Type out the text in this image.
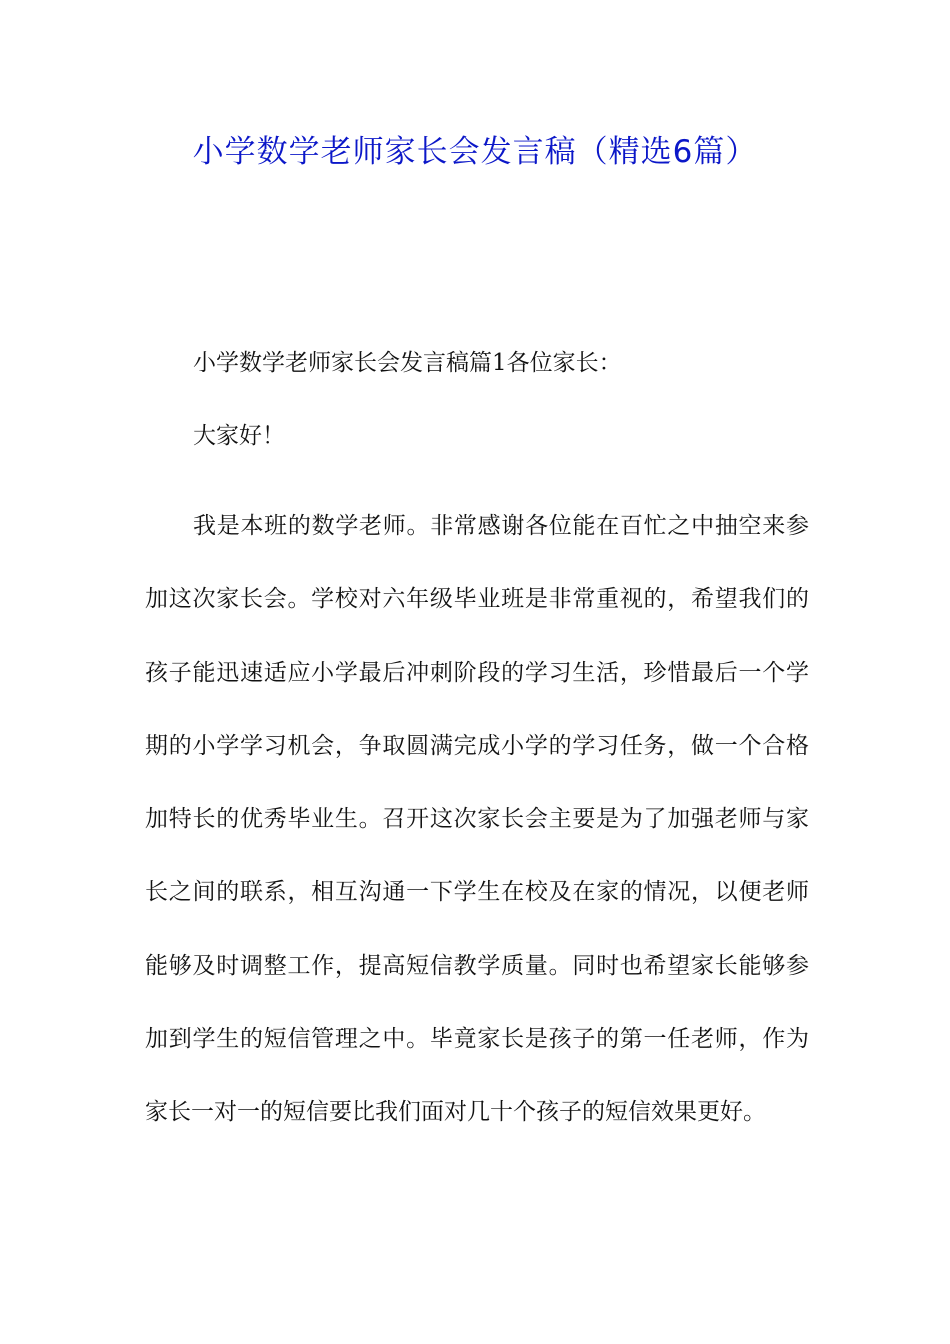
小学数学老师家长会发言稿（精选6篇）

小学数学老师家长会发言稿篇1各位家长：

大家好！

我是本班的数学老师。非常感谢各位能在百忙之中抽空来参加这次家长会。学校对六年级毕业班是非常重视的，希望我们的孩子能迅速适应小学最后冲刺阶段的学习生活，珍惜最后一个学期的小学学习机会，争取圆满完成小学的学习任务，做一个合格加特长的优秀毕业生。召开这次家长会主要是为了加强老师与家长之间的联系，相互沟通一下学生在校及在家的情况，以便老师能够及时调整工作，提高短信教学质量。同时也希望家长能够参加到学生的短信管理之中。毕竟家长是孩子的第一任老师，作为家长一对一的短信要比我们面对几十个孩子的短信效果更好。
